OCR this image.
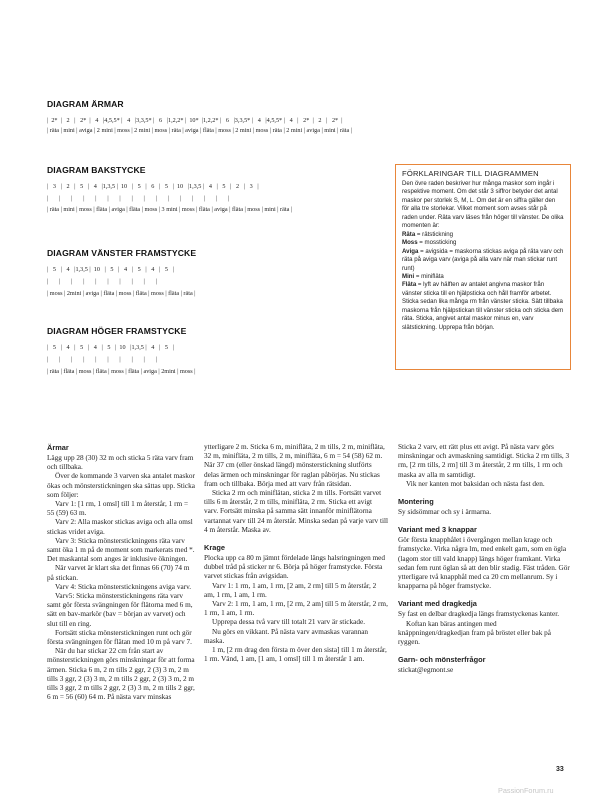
DIAGRAM ÄRMAR
|  2*  |   2   |   2*  |   4   |4,5,5* |   4   |3,3,5* |   6   |1,2,2* |  10*  |1,2,2* |   6   |3,3,5* |   4   |4,5,5* |   4   |   2*  |   2   |   2*  |
| räta | mini | aviga | 2 mini | moss | 2 mini | moss | räta | aviga | fläta | moss | 2 mini | moss | räta | 2 mini | aviga | mini | räta |
DIAGRAM BAKSTYCKE
|   3   |   2   |   5   |   4   |1,3,5 |  10   |   5   |   6   |   5   |  10   |1,3,5 |   4   |   5   |   2   |   3   |
|       |       |       |       |       |       |       |       |       |       |       |       |       |       |       |
| räta | mini | moss | fläta | aviga | fläta | moss | 3 mini | moss | fläta | aviga | fläta | moss | mini | räta |
DIAGRAM VÄNSTER FRAMSTYCKE
|   5   |   4   |1,3,5 |  10   |   5   |   4   |   5   |   4   |   5   |
|       |       |       |       |       |       |       |       |       |
| moss | 2mini | aviga | fläta | moss | fläta | moss | fläta | räta |
DIAGRAM HÖGER FRAMSTYCKE
|   5   |   4   |   5   |   4   |   5   |  10   |1,3,5 |   4   |   5   |
|       |       |       |       |       |       |       |       |       |
| räta | fläta | moss | fläta | moss | fläta | aviga | 2mini | moss |
FÖRKLARINGAR TILL DIAGRAMMEN

Den övre raden beskriver hur många maskor som ingår i respektive moment. Om det står 3 siffror betyder det antal maskor per storlek S, M, L. Om det är en siffra gäller den för alla tre storlekar. Vilket moment som avses står på raden under. Räta varv läses från höger till vänster. De olika momenten är:

Räta = rätstickning

Moss = mossticking

Aviga = avigsida = maskorna stickas aviga på räta varv och räta på aviga varv (aviga på alla varv när man stickar runt runt)

Mini = minifläta

Fläta = lyft av hälften av antalet angivna maskor från vänster sticka till en hjälpsticka och håll framför arbetet. Sticka sedan lika många rm från vänster sticka. Sätt tillbaka maskorna från hjälpstickan till vänster sticka och sticka dem räta. Sticka, angivet antal maskor minus en, varv slätstickning. Upprepa från början.

Ärmar

Lägg upp 28 (30) 32 m och sticka 5 räta varv fram och tillbaka.

Över de kommande 3 varven ska antalet maskor ökas och mönsterstickningen ska sättas upp. Sticka som följer:

Varv 1: [1 rm, 1 omsl] till 1 m återstår, 1 rm = 55 (59) 63 m.

Varv 2: Alla maskor stickas aviga och alla omsl stickas vridet aviga.

Varv 3: Sticka mönsterstickningens räta varv samt öka 1 m på de moment som markerats med *. Det maskantal som anges är inklusive ökningen.

När varvet är klart ska det finnas 66 (70) 74 m på stickan.

Varv 4: Sticka mönsterstickningens aviga varv.

Varv5: Sticka mönsterstickningens räta varv samt gör första svängningen för flätorna med 6 m, sätt en bav-markör (bav = början av varvet) och slut till en ring.

Fortsätt sticka mönsterstickningen runt och gör första svängningen för flätan med 10 m på varv 7.

När du har stickar 22 cm från start av mönsterstickningen görs minskningar för att forma ärmen. Sticka 6 m, 2 m tills 2 ggr, 2 (3) 3 m, 2 m tills 3 ggr, 2 (3) 3 m, 2 m tills 2 ggr, 2 (3) 3 m, 2 m tills 3 ggr, 2 m tills 2 ggr, 2 (3) 3 m, 2 m tills 2 ggr, 6 m = 56 (60) 64 m. På nästa varv minskas

ytterligare 2 m. Sticka 6 m, minifläta, 2 m tills, 2 m, minifläta, 32 m, minifläta, 2 m tills, 2 m, minifläta, 6 m = 54 (58) 62 m. När 37 cm (eller önskad längd) mönsterstickning slutförts delas ärmen och minskningar för raglan påbörjas. Nu stickas fram och tillbaka. Börja med att varv från rätsidan.

Sticka 2 rm och miniflätan, sticka 2 m tills. Fortsätt varvet tills 6 m återstår, 2 m tills, minifläta, 2 rm. Sticka ett avigt varv. Fortsätt minska på samma sätt innanför miniflätorna vartannat varv till 24 m återstår. Minska sedan på varje varv till 4 m återstår. Maska av.

Krage

Plocka upp ca 80 m jämnt fördelade längs halsringningen med dubbel tråd på sticker nr 6. Börja på höger framstycke. Första varvet stickas från avigsidan.

Varv 1: 1 rm, 1 am, 1 rm, [2 am, 2 rm] till 5 m återstår, 2 am, 1 rm, 1 am, 1 rm.

Varv 2: 1 rm, 1 am, 1 rm, [2 rm, 2 am] till 5 m återstår, 2 rm, 1 rm, 1 am, 1 rm.

Upprepa dessa två varv till totalt 21 varv är stickade.

Nu görs en vikkant. På nästa varv avmaskas varannan maska.

1 m, [2 rm drag den första m över den sista] till 1 m återstår, 1 rm. Vänd, 1 am, [1 am, 1 omsl] till 1 m återstår 1 am.

Sticka 2 varv, ett rätt plus ett avigt. På nästa varv görs minskningar och avmaskning samtidigt. Sticka 2 rm tills, 3 rm, [2 rm tills, 2 rm] till 3 m återstår, 2 rm tills, 1 rm och maska av alla m samtidigt.

Vik ner kanten mot baksidan och nästa fast den.

Montering

Sy sidsömmar och sy i ärmarna.

Variant med 3 knappar

Gör första knapphålet i övergången mellan krage och framstycke. Virka några lm, med enkelt garn, som en ögla (lagom stor till vald knapp) längs höger framkant. Virka sedan fem runt öglan så att den blir stadig. Fäst tråden. Gör ytterligare två knapphål med ca 20 cm mellanrum. Sy i knapparna på höger framstycke.

Variant med dragkedja

Sy fast en delbar dragkedja längs framstyckenas kanter.

Koftan kan bäras antingen med knäppningen/dragkedjan fram på bröstet eller bak på ryggen.

Garn- och mönsterfrågor

stickat@egmont.se

33
PassionForum.ru
